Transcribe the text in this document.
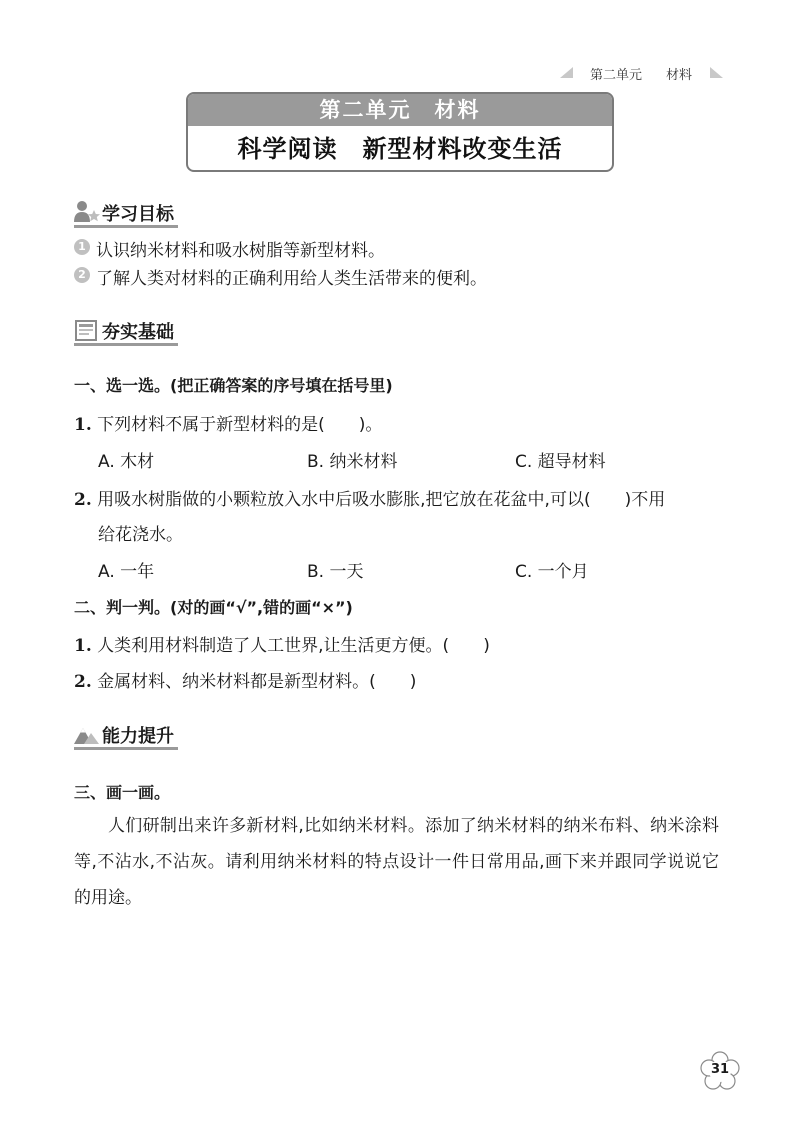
第二单元 材料
第二单元　材料
科学阅读　新型材料改变生活
学习目标
1 认识纳米材料和吸水树脂等新型材料。
2 了解人类对材料的正确利用给人类生活带来的便利。
夯实基础
一、选一选。(把正确答案的序号填在括号里)
1. 下列材料不属于新型材料的是(　　)。
A. 木材	B. 纳米材料	C. 超导材料
2. 用吸水树脂做的小颗粒放入水中后吸水膨胀,把它放在花盆中,可以(　　)不用
给花浇水。
A. 一年	B. 一天	C. 一个月
二、判一判。(对的画“√”,错的画“×”)
1. 人类利用材料制造了人工世界,让生活更方便。(　　)
2. 金属材料、纳米材料都是新型材料。(　　)
能力提升
三、画一画。
人们研制出来许多新材料,比如纳米材料。添加了纳米材料的纳米布料、纳米涂料等,不沾水,不沾灰。请利用纳米材料的特点设计一件日常用品,画下来并跟同学说说它的用途。
31
